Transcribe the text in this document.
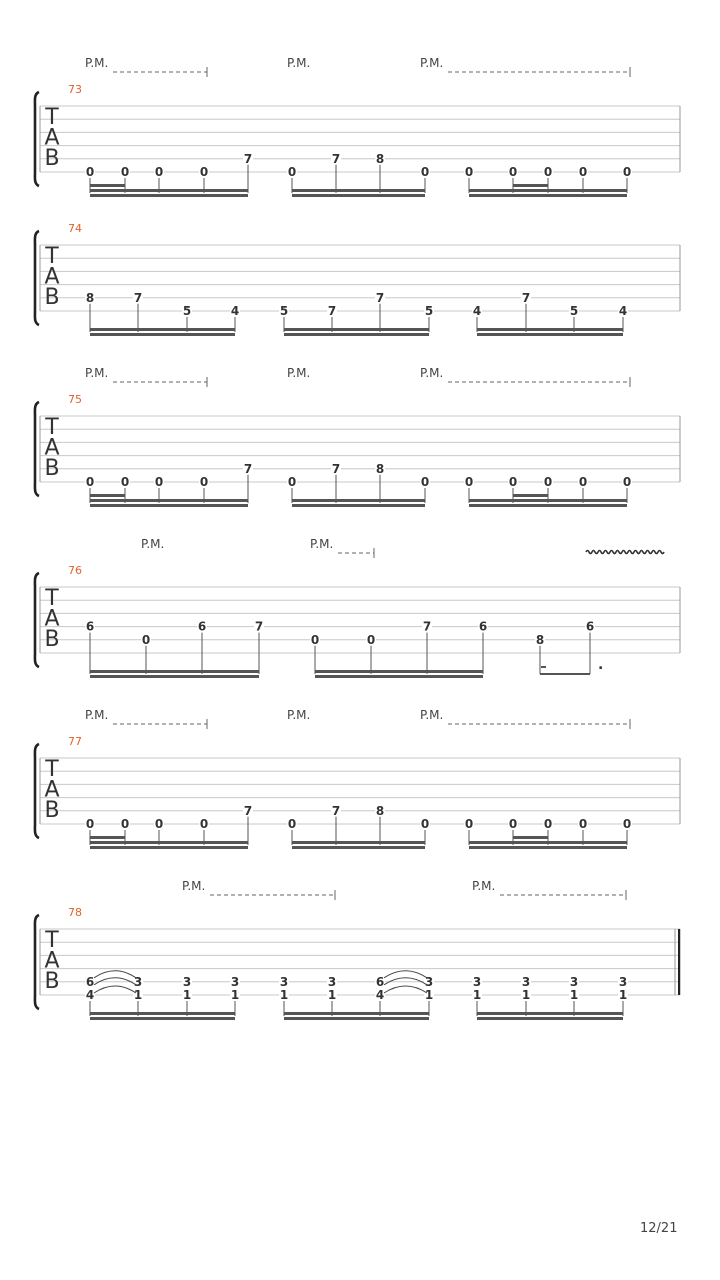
P.M.	P.M.	P.M.
73
T
A
B
0 0 0	0
7
0
7	8
0	0	0 0 0	0
74
T
A
B 8	7
5	4	5	7
7
5	4
7
5	4
P.M.	P.M.	P.M.
75
T
A
B
0 0 0	0
7
0
7	8
0	0	0 0 0	0
P.M.	P.M.
76
T
A
B
6
0
6	7
0	0
7	6
8
6
.
P.M.	P.M.	P.M.
77
T
A
B
0 0 0	0
7
0
7	8
0	0	0 0 0	0
P.M.	P.M.
78
T
A
B 6
4
3
1
3
1
3
1
3
1
3
1
6
4
3
1
3
1
3
1
3
1
3
1
12/21
